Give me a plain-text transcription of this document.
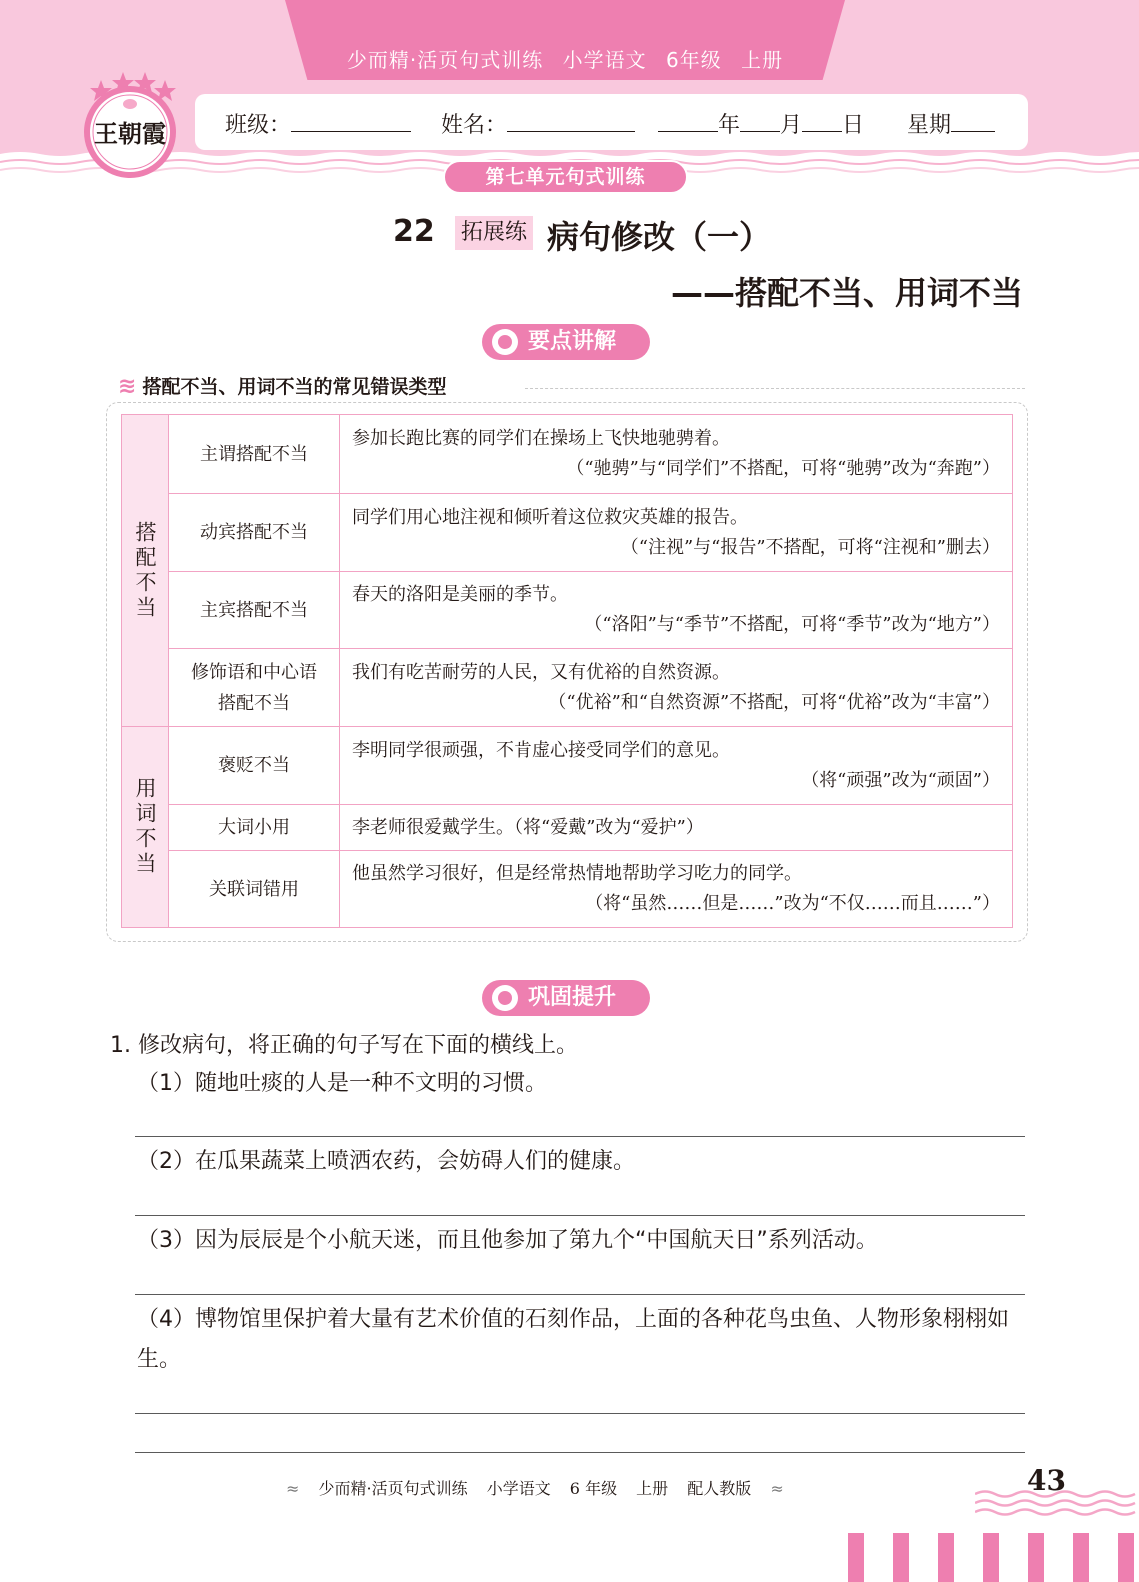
少而精·活页句式训练 小学语文 6年级 上册
王朝霞	班级：	姓名：	年 月 日 星期
第七单元句式训练
22 拓展练 病句修改（一）
——搭配不当、用词不当
要点讲解
≋ 搭配不当、用词不当的常见错误类型
搭配不当	主谓搭配不当	参加长跑比赛的同学们在操场上飞快地驰骋着。
（“驰骋”与“同学们”不搭配，可将“驰骋”改为“奔跑”）

	动宾搭配不当	同学们用心地注视和倾听着这位救灾英雄的报告。
（“注视”与“报告”不搭配，可将“注视和”删去）

	主宾搭配不当	春天的洛阳是美丽的季节。
（“洛阳”与“季节”不搭配，可将“季节”改为“地方”）

	修饰语和中心语
搭配不当	我们有吃苦耐劳的人民，又有优裕的自然资源。
（“优裕”和“自然资源”不搭配，可将“优裕”改为“丰富”）

用词不当	褒贬不当	李明同学很顽强，不肯虚心接受同学们的意见。
（将“顽强”改为“顽固”）

	大词小用	李老师很爱戴学生。（将“爱戴”改为“爱护”）

	关联词错用	他虽然学习很好，但是经常热情地帮助学习吃力的同学。
（将“虽然……但是……”改为“不仅……而且……”）
巩固提升
1. 修改病句，将正确的句子写在下面的横线上。
（1）随地吐痰的人是一种不文明的习惯。
（2）在瓜果蔬菜上喷洒农药，会妨碍人们的健康。
（3）因为辰辰是个小航天迷，而且他参加了第九个“中国航天日”系列活动。
（4）博物馆里保护着大量有艺术价值的石刻作品，上面的各种花鸟虫鱼、人物形象栩栩如生。
≈ 少而精·活页句式训练 小学语文 6 年级 上册 配人教版 ≈	43
